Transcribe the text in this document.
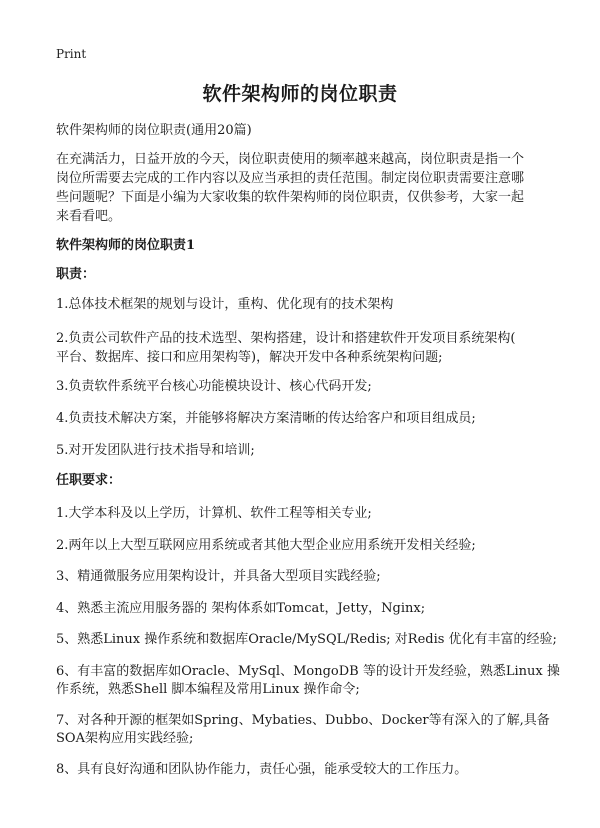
Print
软件架构师的岗位职责
软件架构师的岗位职责(通用20篇)
在充满活力，日益开放的今天，岗位职责使用的频率越来越高，岗位职责是指一个
岗位所需要去完成的工作内容以及应当承担的责任范围。制定岗位职责需要注意哪
些问题呢？下面是小编为大家收集的软件架构师的岗位职责，仅供参考，大家一起
来看看吧。
软件架构师的岗位职责1
职责：
1.总体技术框架的规划与设计，重构、优化现有的技术架构
2.负责公司软件产品的技术选型、架构搭建，设计和搭建软件开发项目系统架构(
平台、数据库、接口和应用架构等)，解决开发中各种系统架构问题;
3.负责软件系统平台核心功能模块设计、核心代码开发;
4.负责技术解决方案，并能够将解决方案清晰的传达给客户和项目组成员;
5.对开发团队进行技术指导和培训;
任职要求：
1.大学本科及以上学历，计算机、软件工程等相关专业;
2.两年以上大型互联网应用系统或者其他大型企业应用系统开发相关经验;
3、精通微服务应用架构设计，并具备大型项目实践经验;
4、熟悉主流应用服务器的 架构体系如Tomcat，Jetty，Nginx;
5、熟悉Linux 操作系统和数据库Oracle/MySQL/Redis; 对Redis 优化有丰富的经验;
6、有丰富的数据库如Oracle、MySql、MongoDB 等的设计开发经验，熟悉Linux 操
作系统，熟悉Shell 脚本编程及常用Linux 操作命令;
7、对各种开源的框架如Spring、Mybaties、Dubbo、Docker等有深入的了解,具备
SOA架构应用实践经验;
8、具有良好沟通和团队协作能力，责任心强，能承受较大的工作压力。
